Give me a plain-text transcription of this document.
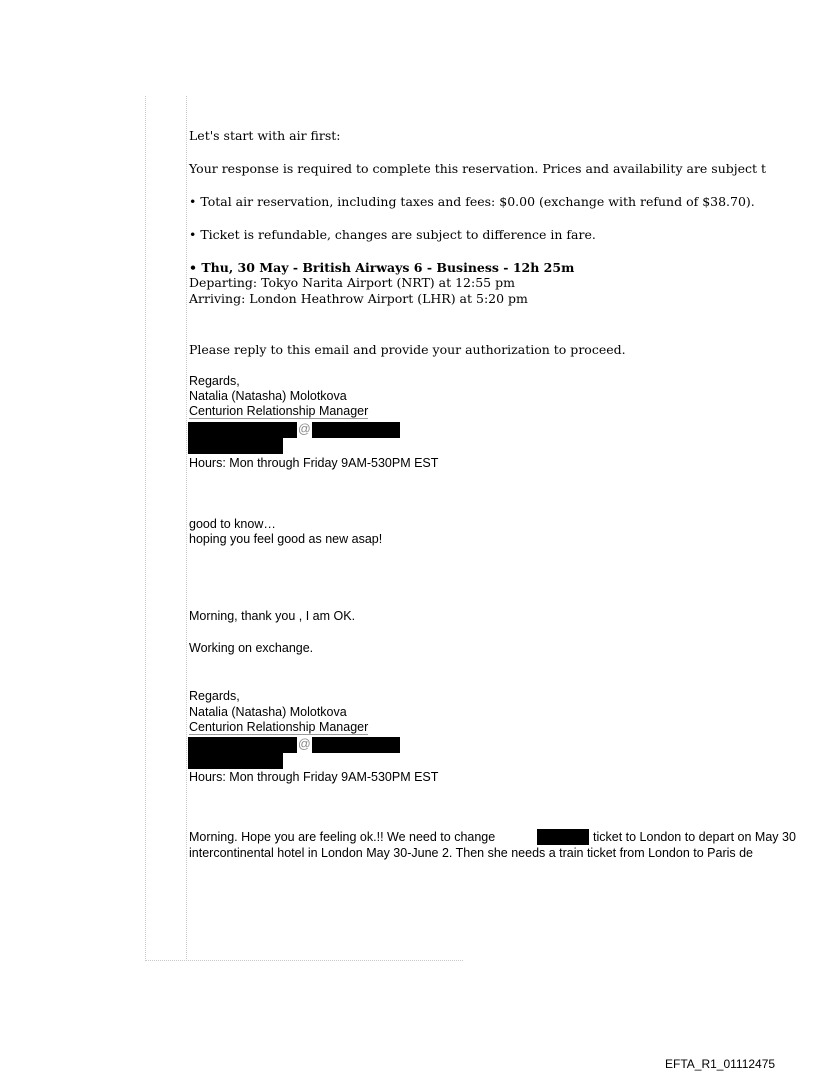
Let's start with air first:
Your response is required to complete this reservation. Prices and availability are subject t
• Total air reservation, including taxes and fees: $0.00 (exchange with refund of $38.70).
• Ticket is refundable, changes are subject to difference in fare.
• Thu, 30 May - British Airways 6 - Business - 12h 25m
Departing: Tokyo Narita Airport (NRT) at 12:55 pm
Arriving: London Heathrow Airport (LHR) at 5:20 pm
Please reply to this email and provide your authorization to proceed.
Regards,
Natalia (Natasha) Molotkova
Centurion Relationship Manager
@
Hours: Mon through Friday 9AM-530PM EST
good to know…
hoping you feel good as new asap!
Morning, thank you , I am OK.
Working on exchange.
Regards,
Natalia (Natasha) Molotkova
Centurion Relationship Manager
@
Hours: Mon through Friday 9AM-530PM EST
Morning. Hope you are feeling ok.!! We need to change	ticket to London to depart on May 30
intercontinental hotel in London May 30-June 2. Then she needs a train ticket from London to Paris de
EFTA_R1_01112475
